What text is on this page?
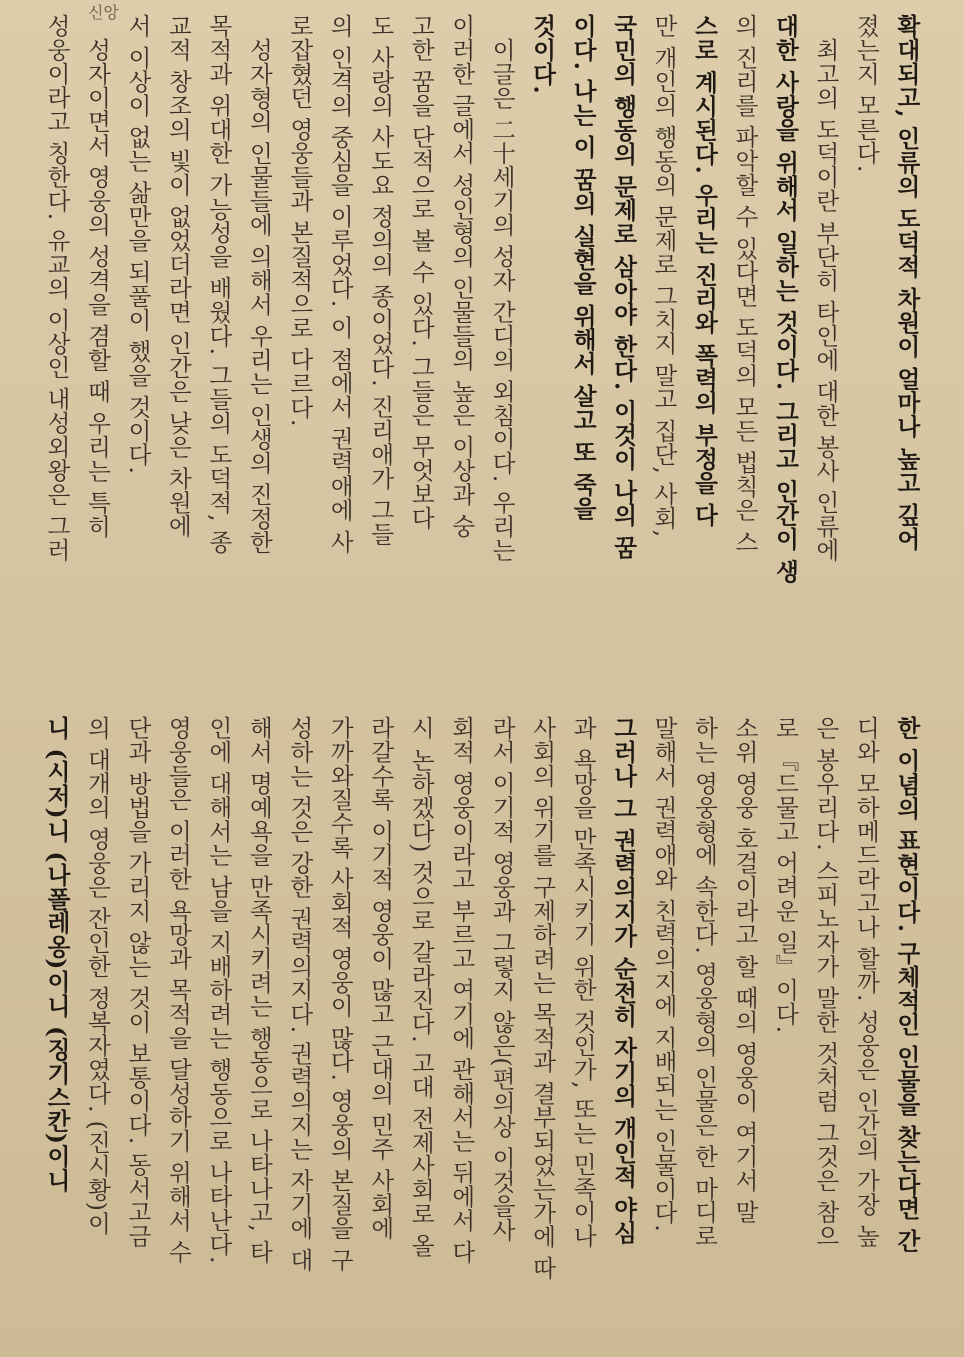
신앙
확대되고, 인류의 도덕적 차원이 얼마나 높고 깊어
졌는지 모른다.
최고의 도덕이란 부단히 타인에 대한 봉사 인류에
대한 사랑을 위해서 일하는 것이다. 그리고 인간이 생
의 진리를 파악할 수 있다면 도덕의 모든 법칙은 스
스로 계시된다. 우리는 진리와 폭력의 부정을 다
만 개인의 행동의 문제로 그치지 말고 집단, 사회,
국민의 행동의 문제로 삼아야 한다. 이것이 나의 꿈
이다. 나는 이 꿈의 실현을 위해서 살고 또 죽을
것이다.
이글은 二十세기의 성자 간디의 외침이다. 우리는
이러한 글에서 성인형의 인물들의 높은 이상과 숭
고한 꿈을 단적으로 볼 수 있다. 그들은 무엇보다
도 사랑의 사도요 정의의 종이었다. 진리애가 그들
의 인격의 중심을 이루었다. 이 점에서 권력애에 사
로잡혔던 영웅들과 본질적으로 다르다.
성자형의 인물들에 의해서 우리는 인생의 진정한
목적과 위대한 가능성을 배웠다. 그들의 도덕적, 종
교적 창조의 빛이 없었더라면 인간은 낮은 차원에
서 이상이 없는 삶만을 되풀이 했을 것이다.
성자이면서 영웅의 성격을 겸할 때 우리는 특히
성웅이라고 칭한다. 유교의 이상인 내성외왕은 그러
한 이념의 표현이다. 구체적인 인물을 찾는다면 간
디와 모하메드라고나 할까. 성웅은 인간의 가장 높
은 봉우리다. 스피노자가 말한 것처럼 그것은 참으
로 『드물고 어려운 일』이다.
소위 영웅 호걸이라고 할 때의 영웅이 여기서 말
하는 영웅형에 속한다. 영웅형의 인물은 한 마디로
말해서 권력애와 친력의지에 지배되는 인물이다.
그러나 그 권력의지가 순전히 자기의 개인적 야심
과 욕망을 만족시키기 위한 것인가, 또는 민족이나
사회의 위기를 구제하려는 목적과 결부되었는가에 따
라서 이기적 영웅과 그렇지 않은(편의상 이것을사
회적 영웅이라고 부르고 여기에 관해서는 뒤에서 다
시 논하겠다) 것으로 갈라진다. 고대 전제사회로 올
라갈수록 이기적 영웅이 많고 근대의 민주 사회에
가까와질수록 사회적 영웅이 많다. 영웅의 본질을 구
성하는 것은 강한 권력의지다. 권력의지는 자기에 대
해서 명예욕을 만족시키려는 행동으로 나타나고, 타
인에 대해서는 남을 지배하려는 행동으로 나타난다.
영웅들은 이러한 욕망과 목적을 달성하기 위해서 수
단과 방법을 가리지 않는 것이 보통이다. 동서고금
의 대개의 영웅은 잔인한 정복자였다. (진시황)이
니 (시저)니 (나폴레옹)이니 (징기스칸)이니
